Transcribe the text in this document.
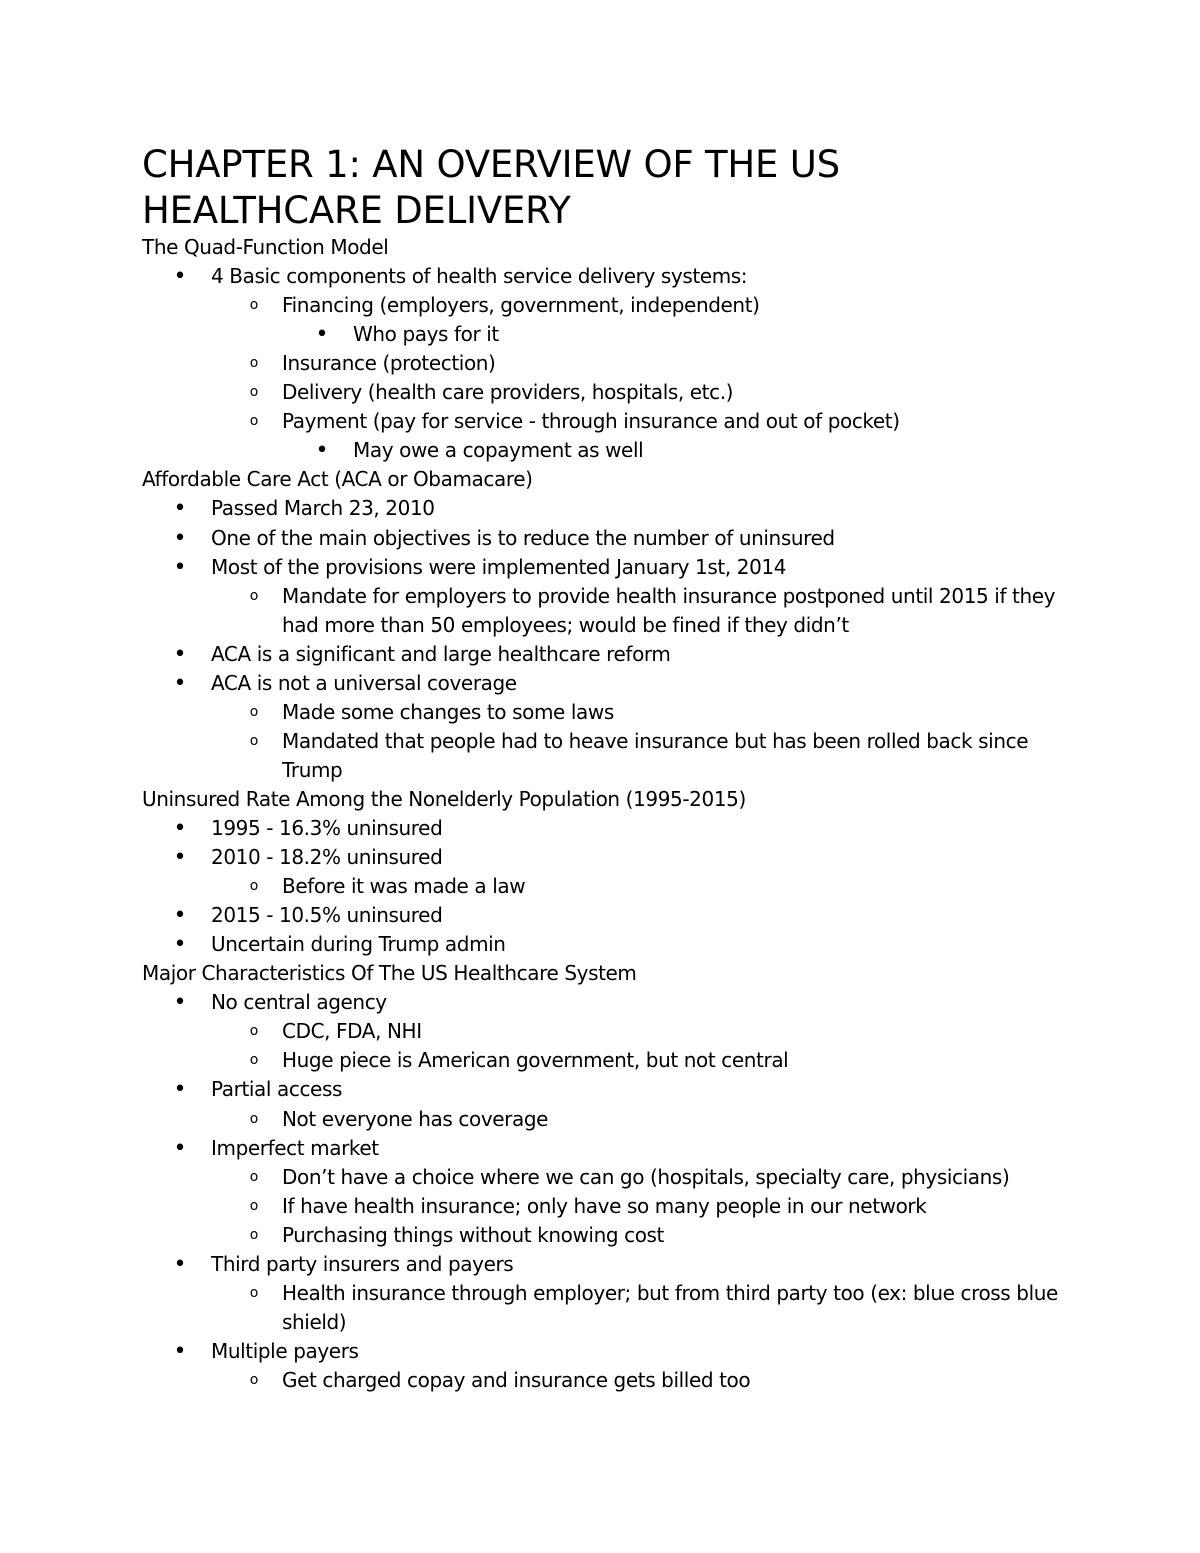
CHAPTER 1: AN OVERVIEW OF THE US
HEALTHCARE DELIVERY
The Quad-Function Model
• 4 Basic components of health service delivery systems:
o Financing (employers, government, independent)
• Who pays for it
o Insurance (protection)
o Delivery (health care providers, hospitals, etc.)
o Payment (pay for service - through insurance and out of pocket)
• May owe a copayment as well
Affordable Care Act (ACA or Obamacare)
• Passed March 23, 2010
• One of the main objectives is to reduce the number of uninsured
• Most of the provisions were implemented January 1st, 2014
o Mandate for employers to provide health insurance postponed until 2015 if they
had more than 50 employees; would be fined if they didn’t
• ACA is a significant and large healthcare reform
• ACA is not a universal coverage
o Made some changes to some laws
o Mandated that people had to heave insurance but has been rolled back since
Trump
Uninsured Rate Among the Nonelderly Population (1995-2015)
• 1995 - 16.3% uninsured
• 2010 - 18.2% uninsured
o Before it was made a law
• 2015 - 10.5% uninsured
• Uncertain during Trump admin
Major Characteristics Of The US Healthcare System
• No central agency
o CDC, FDA, NHI
o Huge piece is American government, but not central
• Partial access
o Not everyone has coverage
• Imperfect market
o Don’t have a choice where we can go (hospitals, specialty care, physicians)
o If have health insurance; only have so many people in our network
o Purchasing things without knowing cost
• Third party insurers and payers
o Health insurance through employer; but from third party too (ex: blue cross blue
shield)
• Multiple payers
o Get charged copay and insurance gets billed too
